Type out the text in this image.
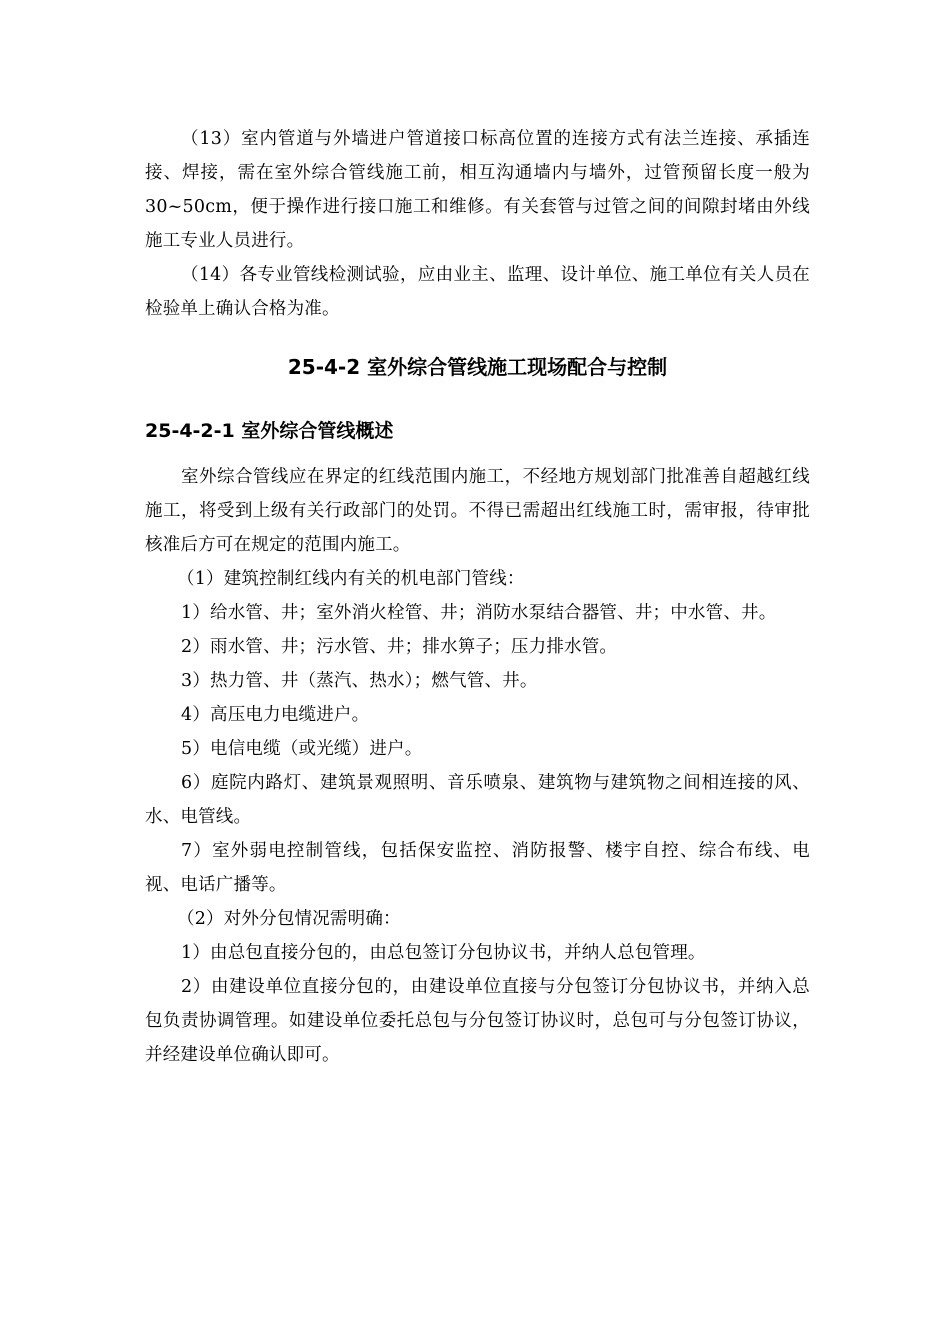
（13）室内管道与外墙进户管道接口标高位置的连接方式有法兰连接、承插连接、焊接，需在室外综合管线施工前，相互沟通墙内与墙外，过管预留长度一般为30~50cm，便于操作进行接口施工和维修。有关套管与过管之间的间隙封堵由外线施工专业人员进行。

（14）各专业管线检测试验，应由业主、监理、设计单位、施工单位有关人员在检验单上确认合格为准。

25-4-2 室外综合管线施工现场配合与控制
25-4-2-1 室外综合管线概述

室外综合管线应在界定的红线范围内施工，不经地方规划部门批准善自超越红线施工，将受到上级有关行政部门的处罚。不得已需超出红线施工时，需审报，待审批核准后方可在规定的范围内施工。

（1）建筑控制红线内有关的机电部门管线：

1）给水管、井；室外消火栓管、井；消防水泵结合器管、井；中水管、井。

2）雨水管、井；污水管、井；排水箅子；压力排水管。

3）热力管、井（蒸汽、热水）；燃气管、井。

4）高压电力电缆进户。

5）电信电缆（或光缆）进户。

6）庭院内路灯、建筑景观照明、音乐喷泉、建筑物与建筑物之间相连接的风、水、电管线。

7）室外弱电控制管线，包括保安监控、消防报警、楼宇自控、综合布线、电视、电话广播等。

（2）对外分包情况需明确：

1）由总包直接分包的，由总包签订分包协议书，并纳人总包管理。

2）由建设单位直接分包的，由建设单位直接与分包签订分包协议书，并纳入总包负责协调管理。如建设单位委托总包与分包签订协议时，总包可与分包签订协议，并经建设单位确认即可。
